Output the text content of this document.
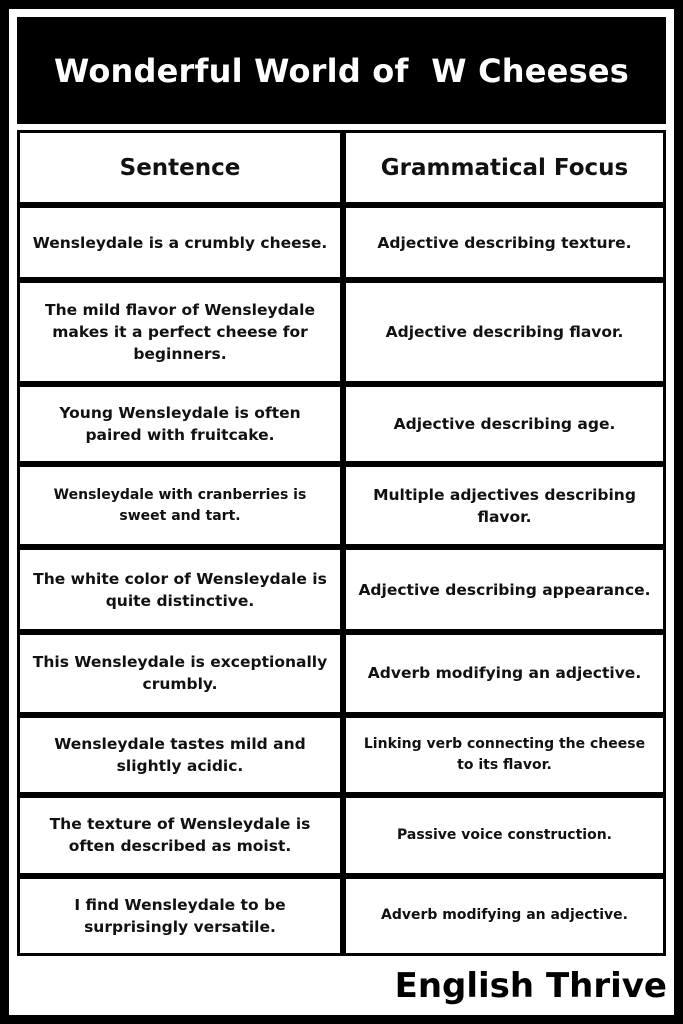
Wonderful World of  W Cheeses
Sentence	Grammatical Focus
Wensleydale is a crumbly cheese.	Adjective describing texture.
The mild flavor of Wensleydale makes it a perfect cheese for beginners.	Adjective describing flavor.
Young Wensleydale is often paired with fruitcake.	Adjective describing age.
Wensleydale with cranberries is sweet and tart.	Multiple adjectives describing flavor.
The white color of Wensleydale is quite distinctive.	Adjective describing appearance.
This Wensleydale is exceptionally crumbly.	Adverb modifying an adjective.
Wensleydale tastes mild and slightly acidic.	Linking verb connecting the cheese to its flavor.
The texture of Wensleydale is often described as moist.	Passive voice construction.
I find Wensleydale to be surprisingly versatile.	Adverb modifying an adjective.
English Thrive
